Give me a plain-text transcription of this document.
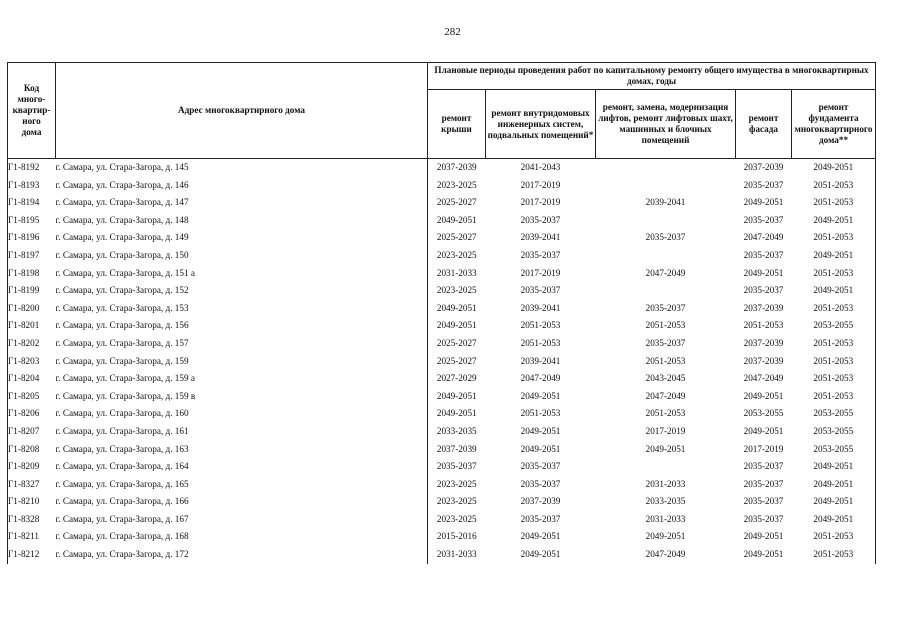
282
Код
много-
квартир-
ного
дома	Адрес многоквартирного дома	Плановые периоды проведения работ по капитальному ремонту общего имущества в многоквартирных домах, годы				
		ремонт крыши	ремонт внутридомовых инженерных систем, подвальных помещений*	ремонт, замена, модернизация лифтов, ремонт лифтовых шахт, машинных и блочных помещений	ремонт фасада	ремонт фундамента многоквартирного дома**
Г1-8192	г. Самара, ул. Стара-Загора, д. 145	2037-2039	2041-2043		2037-2039	2049-2051
Г1-8193	г. Самара, ул. Стара-Загора, д. 146	2023-2025	2017-2019		2035-2037	2051-2053
Г1-8194	г. Самара, ул. Стара-Загора, д. 147	2025-2027	2017-2019	2039-2041	2049-2051	2051-2053
Г1-8195	г. Самара, ул. Стара-Загора, д. 148	2049-2051	2035-2037		2035-2037	2049-2051
Г1-8196	г. Самара, ул. Стара-Загора, д. 149	2025-2027	2039-2041	2035-2037	2047-2049	2051-2053
Г1-8197	г. Самара, ул. Стара-Загора, д. 150	2023-2025	2035-2037		2035-2037	2049-2051
Г1-8198	г. Самара, ул. Стара-Загора, д. 151 а	2031-2033	2017-2019	2047-2049	2049-2051	2051-2053
Г1-8199	г. Самара, ул. Стара-Загора, д. 152	2023-2025	2035-2037		2035-2037	2049-2051
Г1-8200	г. Самара, ул. Стара-Загора, д. 153	2049-2051	2039-2041	2035-2037	2037-2039	2051-2053
Г1-8201	г. Самара, ул. Стара-Загора, д. 156	2049-2051	2051-2053	2051-2053	2051-2053	2053-2055
Г1-8202	г. Самара, ул. Стара-Загора, д. 157	2025-2027	2051-2053	2035-2037	2037-2039	2051-2053
Г1-8203	г. Самара, ул. Стара-Загора, д. 159	2025-2027	2039-2041	2051-2053	2037-2039	2051-2053
Г1-8204	г. Самара, ул. Стара-Загора, д. 159 а	2027-2029	2047-2049	2043-2045	2047-2049	2051-2053
Г1-8205	г. Самара, ул. Стара-Загора, д. 159 в	2049-2051	2049-2051	2047-2049	2049-2051	2051-2053
Г1-8206	г. Самара, ул. Стара-Загора, д. 160	2049-2051	2051-2053	2051-2053	2053-2055	2053-2055
Г1-8207	г. Самара, ул. Стара-Загора, д. 161	2033-2035	2049-2051	2017-2019	2049-2051	2053-2055
Г1-8208	г. Самара, ул. Стара-Загора, д. 163	2037-2039	2049-2051	2049-2051	2017-2019	2053-2055
Г1-8209	г. Самара, ул. Стара-Загора, д. 164	2035-2037	2035-2037		2035-2037	2049-2051
Г1-8327	г. Самара, ул. Стара-Загора, д. 165	2023-2025	2035-2037	2031-2033	2035-2037	2049-2051
Г1-8210	г. Самара, ул. Стара-Загора, д. 166	2023-2025	2037-2039	2033-2035	2035-2037	2049-2051
Г1-8328	г. Самара, ул. Стара-Загора, д. 167	2023-2025	2035-2037	2031-2033	2035-2037	2049-2051
Г1-8211	г. Самара, ул. Стара-Загора, д. 168	2015-2016	2049-2051	2049-2051	2049-2051	2051-2053
Г1-8212	г. Самара, ул. Стара-Загора, д. 172	2031-2033	2049-2051	2047-2049	2049-2051	2051-2053
